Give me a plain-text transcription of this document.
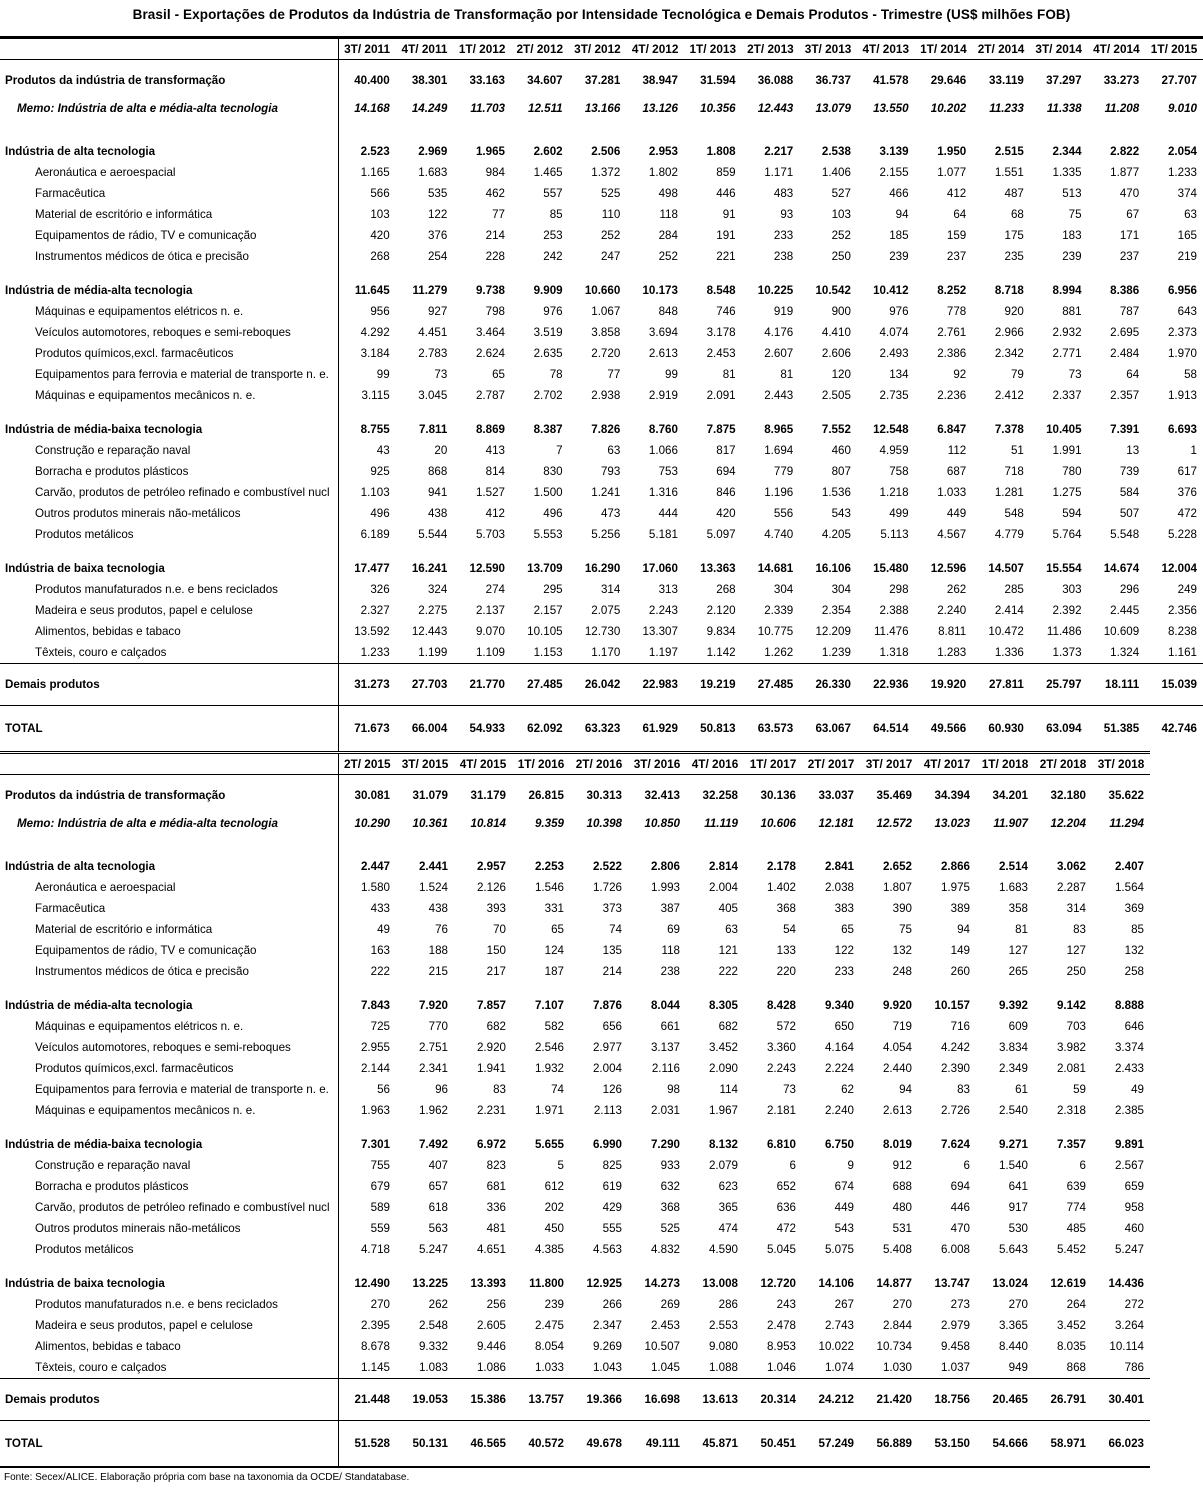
Brasil - Exportações de Produtos da Indústria de Transformação por Intensidade Tecnológica e Demais Produtos - Trimestre (US$ milhões FOB)
	3T/ 2011	4T/ 2011	1T/ 2012	2T/ 2012	3T/ 2012	4T/ 2012	1T/ 2013	2T/ 2013	3T/ 2013	4T/ 2013	1T/ 2014	2T/ 2014	3T/ 2014	4T/ 2014	1T/ 2015
Produtos da indústria de transformação	40.400	38.301	33.163	34.607	37.281	38.947	31.594	36.088	36.737	41.578	29.646	33.119	37.297	33.273	27.707
Memo: Indústria de alta e média-alta tecnologia	14.168	14.249	11.703	12.511	13.166	13.126	10.356	12.443	13.079	13.550	10.202	11.233	11.338	11.208	9.010
Indústria de alta tecnologia	2.523	2.969	1.965	2.602	2.506	2.953	1.808	2.217	2.538	3.139	1.950	2.515	2.344	2.822	2.054
Aeronáutica e aeroespacial	1.165	1.683	984	1.465	1.372	1.802	859	1.171	1.406	2.155	1.077	1.551	1.335	1.877	1.233
Farmacêutica	566	535	462	557	525	498	446	483	527	466	412	487	513	470	374
Material de escritório e informática	103	122	77	85	110	118	91	93	103	94	64	68	75	67	63
Equipamentos de rádio, TV e comunicação	420	376	214	253	252	284	191	233	252	185	159	175	183	171	165
Instrumentos médicos de ótica e precisão	268	254	228	242	247	252	221	238	250	239	237	235	239	237	219
Indústria de média-alta tecnologia	11.645	11.279	9.738	9.909	10.660	10.173	8.548	10.225	10.542	10.412	8.252	8.718	8.994	8.386	6.956
Máquinas e equipamentos elétricos n. e.	956	927	798	976	1.067	848	746	919	900	976	778	920	881	787	643
Veículos automotores, reboques e semi-reboques	4.292	4.451	3.464	3.519	3.858	3.694	3.178	4.176	4.410	4.074	2.761	2.966	2.932	2.695	2.373
Produtos químicos,excl. farmacêuticos	3.184	2.783	2.624	2.635	2.720	2.613	2.453	2.607	2.606	2.493	2.386	2.342	2.771	2.484	1.970
Equipamentos para ferrovia e material de transporte n. e.	99	73	65	78	77	99	81	81	120	134	92	79	73	64	58
Máquinas e equipamentos mecânicos n. e.	3.115	3.045	2.787	2.702	2.938	2.919	2.091	2.443	2.505	2.735	2.236	2.412	2.337	2.357	1.913
Indústria de média-baixa tecnologia	8.755	7.811	8.869	8.387	7.826	8.760	7.875	8.965	7.552	12.548	6.847	7.378	10.405	7.391	6.693
Construção e reparação naval	43	20	413	7	63	1.066	817	1.694	460	4.959	112	51	1.991	13	1
Borracha e produtos plásticos	925	868	814	830	793	753	694	779	807	758	687	718	780	739	617
Carvão, produtos de petróleo refinado e combustível nucl	1.103	941	1.527	1.500	1.241	1.316	846	1.196	1.536	1.218	1.033	1.281	1.275	584	376
Outros produtos minerais não-metálicos	496	438	412	496	473	444	420	556	543	499	449	548	594	507	472
Produtos metálicos	6.189	5.544	5.703	5.553	5.256	5.181	5.097	4.740	4.205	5.113	4.567	4.779	5.764	5.548	5.228
Indústria de baixa tecnologia	17.477	16.241	12.590	13.709	16.290	17.060	13.363	14.681	16.106	15.480	12.596	14.507	15.554	14.674	12.004
Produtos manufaturados n.e. e bens reciclados	326	324	274	295	314	313	268	304	304	298	262	285	303	296	249
Madeira e seus produtos, papel e celulose	2.327	2.275	2.137	2.157	2.075	2.243	2.120	2.339	2.354	2.388	2.240	2.414	2.392	2.445	2.356
Alimentos, bebidas e tabaco	13.592	12.443	9.070	10.105	12.730	13.307	9.834	10.775	12.209	11.476	8.811	10.472	11.486	10.609	8.238
Têxteis, couro e calçados	1.233	1.199	1.109	1.153	1.170	1.197	1.142	1.262	1.239	1.318	1.283	1.336	1.373	1.324	1.161
Demais produtos	31.273	27.703	21.770	27.485	26.042	22.983	19.219	27.485	26.330	22.936	19.920	27.811	25.797	18.111	15.039
TOTAL	71.673	66.004	54.933	62.092	63.323	61.929	50.813	63.573	63.067	64.514	49.566	60.930	63.094	51.385	42.746
	2T/ 2015	3T/ 2015	4T/ 2015	1T/ 2016	2T/ 2016	3T/ 2016	4T/ 2016	1T/ 2017	2T/ 2017	3T/ 2017	4T/ 2017	1T/ 2018	2T/ 2018	3T/ 2018
Produtos da indústria de transformação	30.081	31.079	31.179	26.815	30.313	32.413	32.258	30.136	33.037	35.469	34.394	34.201	32.180	35.622
Memo: Indústria de alta e média-alta tecnologia	10.290	10.361	10.814	9.359	10.398	10.850	11.119	10.606	12.181	12.572	13.023	11.907	12.204	11.294
Indústria de alta tecnologia	2.447	2.441	2.957	2.253	2.522	2.806	2.814	2.178	2.841	2.652	2.866	2.514	3.062	2.407
Aeronáutica e aeroespacial	1.580	1.524	2.126	1.546	1.726	1.993	2.004	1.402	2.038	1.807	1.975	1.683	2.287	1.564
Farmacêutica	433	438	393	331	373	387	405	368	383	390	389	358	314	369
Material de escritório e informática	49	76	70	65	74	69	63	54	65	75	94	81	83	85
Equipamentos de rádio, TV e comunicação	163	188	150	124	135	118	121	133	122	132	149	127	127	132
Instrumentos médicos de ótica e precisão	222	215	217	187	214	238	222	220	233	248	260	265	250	258
Indústria de média-alta tecnologia	7.843	7.920	7.857	7.107	7.876	8.044	8.305	8.428	9.340	9.920	10.157	9.392	9.142	8.888
Máquinas e equipamentos elétricos n. e.	725	770	682	582	656	661	682	572	650	719	716	609	703	646
Veículos automotores, reboques e semi-reboques	2.955	2.751	2.920	2.546	2.977	3.137	3.452	3.360	4.164	4.054	4.242	3.834	3.982	3.374
Produtos químicos,excl. farmacêuticos	2.144	2.341	1.941	1.932	2.004	2.116	2.090	2.243	2.224	2.440	2.390	2.349	2.081	2.433
Equipamentos para ferrovia e material de transporte n. e.	56	96	83	74	126	98	114	73	62	94	83	61	59	49
Máquinas e equipamentos mecânicos n. e.	1.963	1.962	2.231	1.971	2.113	2.031	1.967	2.181	2.240	2.613	2.726	2.540	2.318	2.385
Indústria de média-baixa tecnologia	7.301	7.492	6.972	5.655	6.990	7.290	8.132	6.810	6.750	8.019	7.624	9.271	7.357	9.891
Construção e reparação naval	755	407	823	5	825	933	2.079	6	9	912	6	1.540	6	2.567
Borracha e produtos plásticos	679	657	681	612	619	632	623	652	674	688	694	641	639	659
Carvão, produtos de petróleo refinado e combustível nucl	589	618	336	202	429	368	365	636	449	480	446	917	774	958
Outros produtos minerais não-metálicos	559	563	481	450	555	525	474	472	543	531	470	530	485	460
Produtos metálicos	4.718	5.247	4.651	4.385	4.563	4.832	4.590	5.045	5.075	5.408	6.008	5.643	5.452	5.247
Indústria de baixa tecnologia	12.490	13.225	13.393	11.800	12.925	14.273	13.008	12.720	14.106	14.877	13.747	13.024	12.619	14.436
Produtos manufaturados n.e. e bens reciclados	270	262	256	239	266	269	286	243	267	270	273	270	264	272
Madeira e seus produtos, papel e celulose	2.395	2.548	2.605	2.475	2.347	2.453	2.553	2.478	2.743	2.844	2.979	3.365	3.452	3.264
Alimentos, bebidas e tabaco	8.678	9.332	9.446	8.054	9.269	10.507	9.080	8.953	10.022	10.734	9.458	8.440	8.035	10.114
Têxteis, couro e calçados	1.145	1.083	1.086	1.033	1.043	1.045	1.088	1.046	1.074	1.030	1.037	949	868	786
Demais produtos	21.448	19.053	15.386	13.757	19.366	16.698	13.613	20.314	24.212	21.420	18.756	20.465	26.791	30.401
TOTAL	51.528	50.131	46.565	40.572	49.678	49.111	45.871	50.451	57.249	56.889	53.150	54.666	58.971	66.023
Fonte: Secex/ALICE. Elaboração própria com base na taxonomia da OCDE/ Standatabase.
